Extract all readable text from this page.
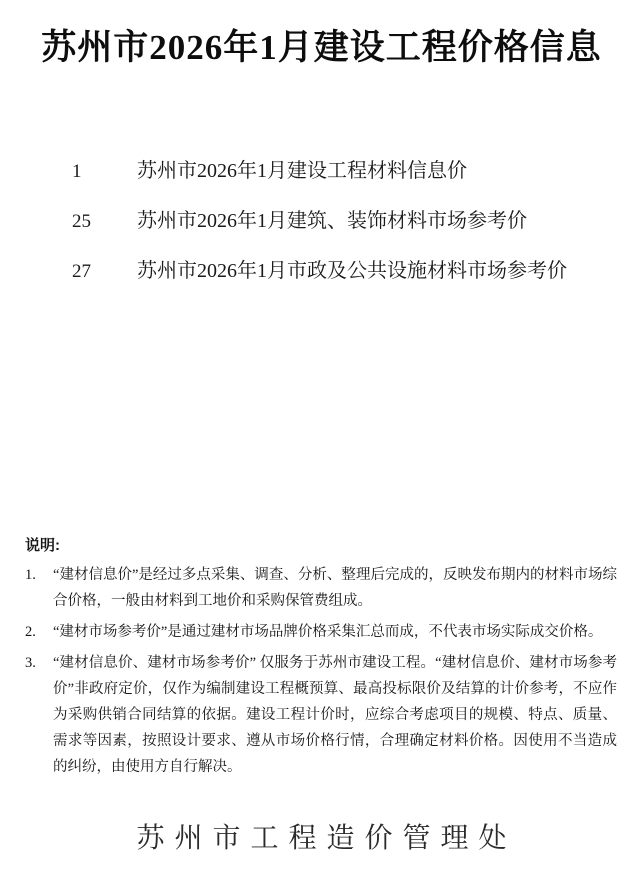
苏州市2026年1月建设工程价格信息
1	苏州市2026年1月建设工程材料信息价
25	苏州市2026年1月建筑、装饰材料市场参考价
27	苏州市2026年1月市政及公共设施材料市场参考价
说明:
1. “建材信息价”是经过多点采集、调查、分析、整理后完成的，反映发布期内的材料市场综合价格，一般由材料到工地价和采购保管费组成。
2. “建材市场参考价”是通过建材市场品牌价格采集汇总而成，不代表市场实际成交价格。
3. “建材信息价、建材市场参考价” 仅服务于苏州市建设工程。“建材信息价、建材市场参考价”非政府定价，仅作为编制建设工程概预算、最高投标限价及结算的计价参考，不应作为采购供销合同结算的依据。建设工程计价时，应综合考虑项目的规模、特点、质量、需求等因素，按照设计要求、遵从市场价格行情，合理确定材料价格。因使用不当造成的纠纷，由使用方自行解决。
苏州市工程造价管理处
